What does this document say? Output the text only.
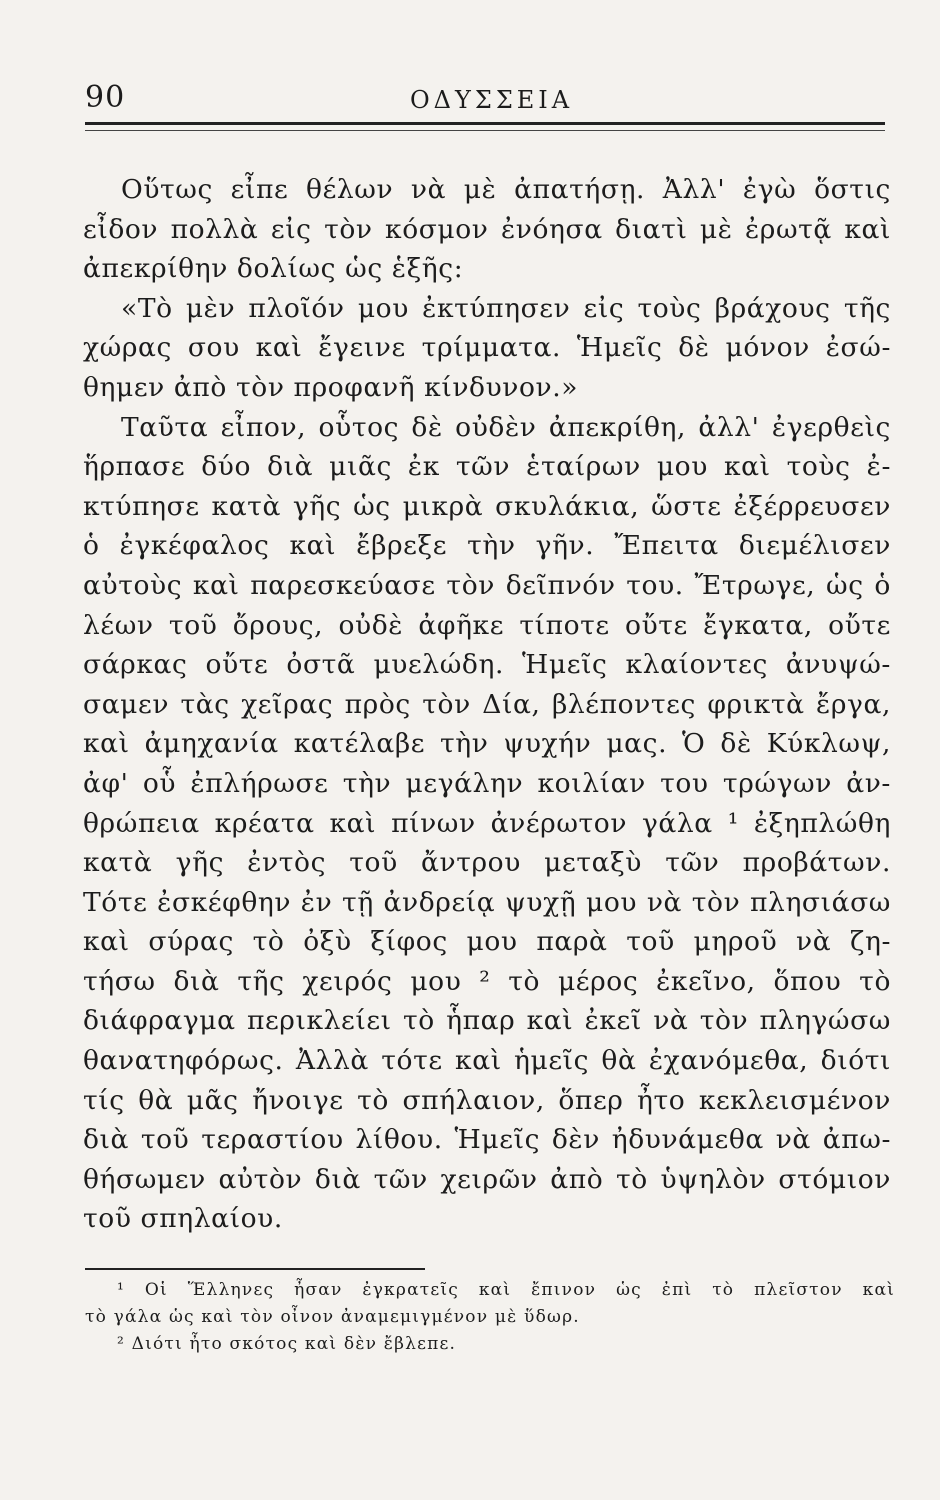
90	ΟΔΥΣΣΕΙΑ
Οὕτως εἶπε θέλων νὰ μὲ ἀπατήσῃ. Ἀλλ' ἐγὼ ὅστις
εἶδον πολλὰ εἰς τὸν κόσμον ἐνόησα διατὶ μὲ ἐρωτᾷ καὶ
ἀπεκρίθην δολίως ὡς ἑξῆς:
«Τὸ μὲν πλοῖόν μου ἐκτύπησεν εἰς τοὺς βράχους τῆς
χώρας σου καὶ ἔγεινε τρίμματα. Ἡμεῖς δὲ μόνον ἐσώ-
θημεν ἀπὸ τὸν προφανῆ κίνδυνον.»
Ταῦτα εἶπον, οὗτος δὲ οὐδὲν ἀπεκρίθη, ἀλλ' ἐγερθεὶς
ἥρπασε δύο διὰ μιᾶς ἐκ τῶν ἑταίρων μου καὶ τοὺς ἐ-
κτύπησε κατὰ γῆς ὡς μικρὰ σκυλάκια, ὥστε ἐξέρρευσεν
ὁ ἐγκέφαλος καὶ ἔβρεξε τὴν γῆν. Ἔπειτα διεμέλισεν
αὐτοὺς καὶ παρεσκεύασε τὸν δεῖπνόν του. Ἔτρωγε, ὡς ὁ
λέων τοῦ ὄρους, οὐδὲ ἀφῆκε τίποτε οὔτε ἔγκατα, οὔτε
σάρκας οὔτε ὀστᾶ μυελώδη. Ἡμεῖς κλαίοντες ἀνυψώ-
σαμεν τὰς χεῖρας πρὸς τὸν Δία, βλέποντες φρικτὰ ἔργα,
καὶ ἀμηχανία κατέλαβε τὴν ψυχήν μας. Ὁ δὲ Κύκλωψ,
ἀφ' οὗ ἐπλήρωσε τὴν μεγάλην κοιλίαν του τρώγων ἀν-
θρώπεια κρέατα καὶ πίνων ἀνέρωτον γάλα ¹ ἐξηπλώθη
κατὰ γῆς ἐντὸς τοῦ ἄντρου μεταξὺ τῶν προβάτων.
Τότε ἐσκέφθην ἐν τῇ ἀνδρείᾳ ψυχῇ μου νὰ τὸν πλησιάσω
καὶ σύρας τὸ ὀξὺ ξίφος μου παρὰ τοῦ μηροῦ νὰ ζη-
τήσω διὰ τῆς χειρός μου ² τὸ μέρος ἐκεῖνο, ὅπου τὸ
διάφραγμα περικλείει τὸ ἧπαρ καὶ ἐκεῖ νὰ τὸν πληγώσω
θανατηφόρως. Ἀλλὰ τότε καὶ ἡμεῖς θὰ ἐχανόμεθα, διότι
τίς θὰ μᾶς ἤνοιγε τὸ σπήλαιον, ὅπερ ἦτο κεκλεισμένον
διὰ τοῦ τεραστίου λίθου. Ἡμεῖς δὲν ἠδυνάμεθα νὰ ἀπω-
θήσωμεν αὐτὸν διὰ τῶν χειρῶν ἀπὸ τὸ ὑψηλὸν στόμιον
τοῦ σπηλαίου.
¹ Οἱ Ἕλληνες ἦσαν ἐγκρατεῖς καὶ ἔπινον ὡς ἐπὶ τὸ πλεῖστον καὶ
τὸ γάλα ὡς καὶ τὸν οἶνον ἀναμεμιγμένον μὲ ὕδωρ.
² Διότι ἦτο σκότος καὶ δὲν ἔβλεπε.
